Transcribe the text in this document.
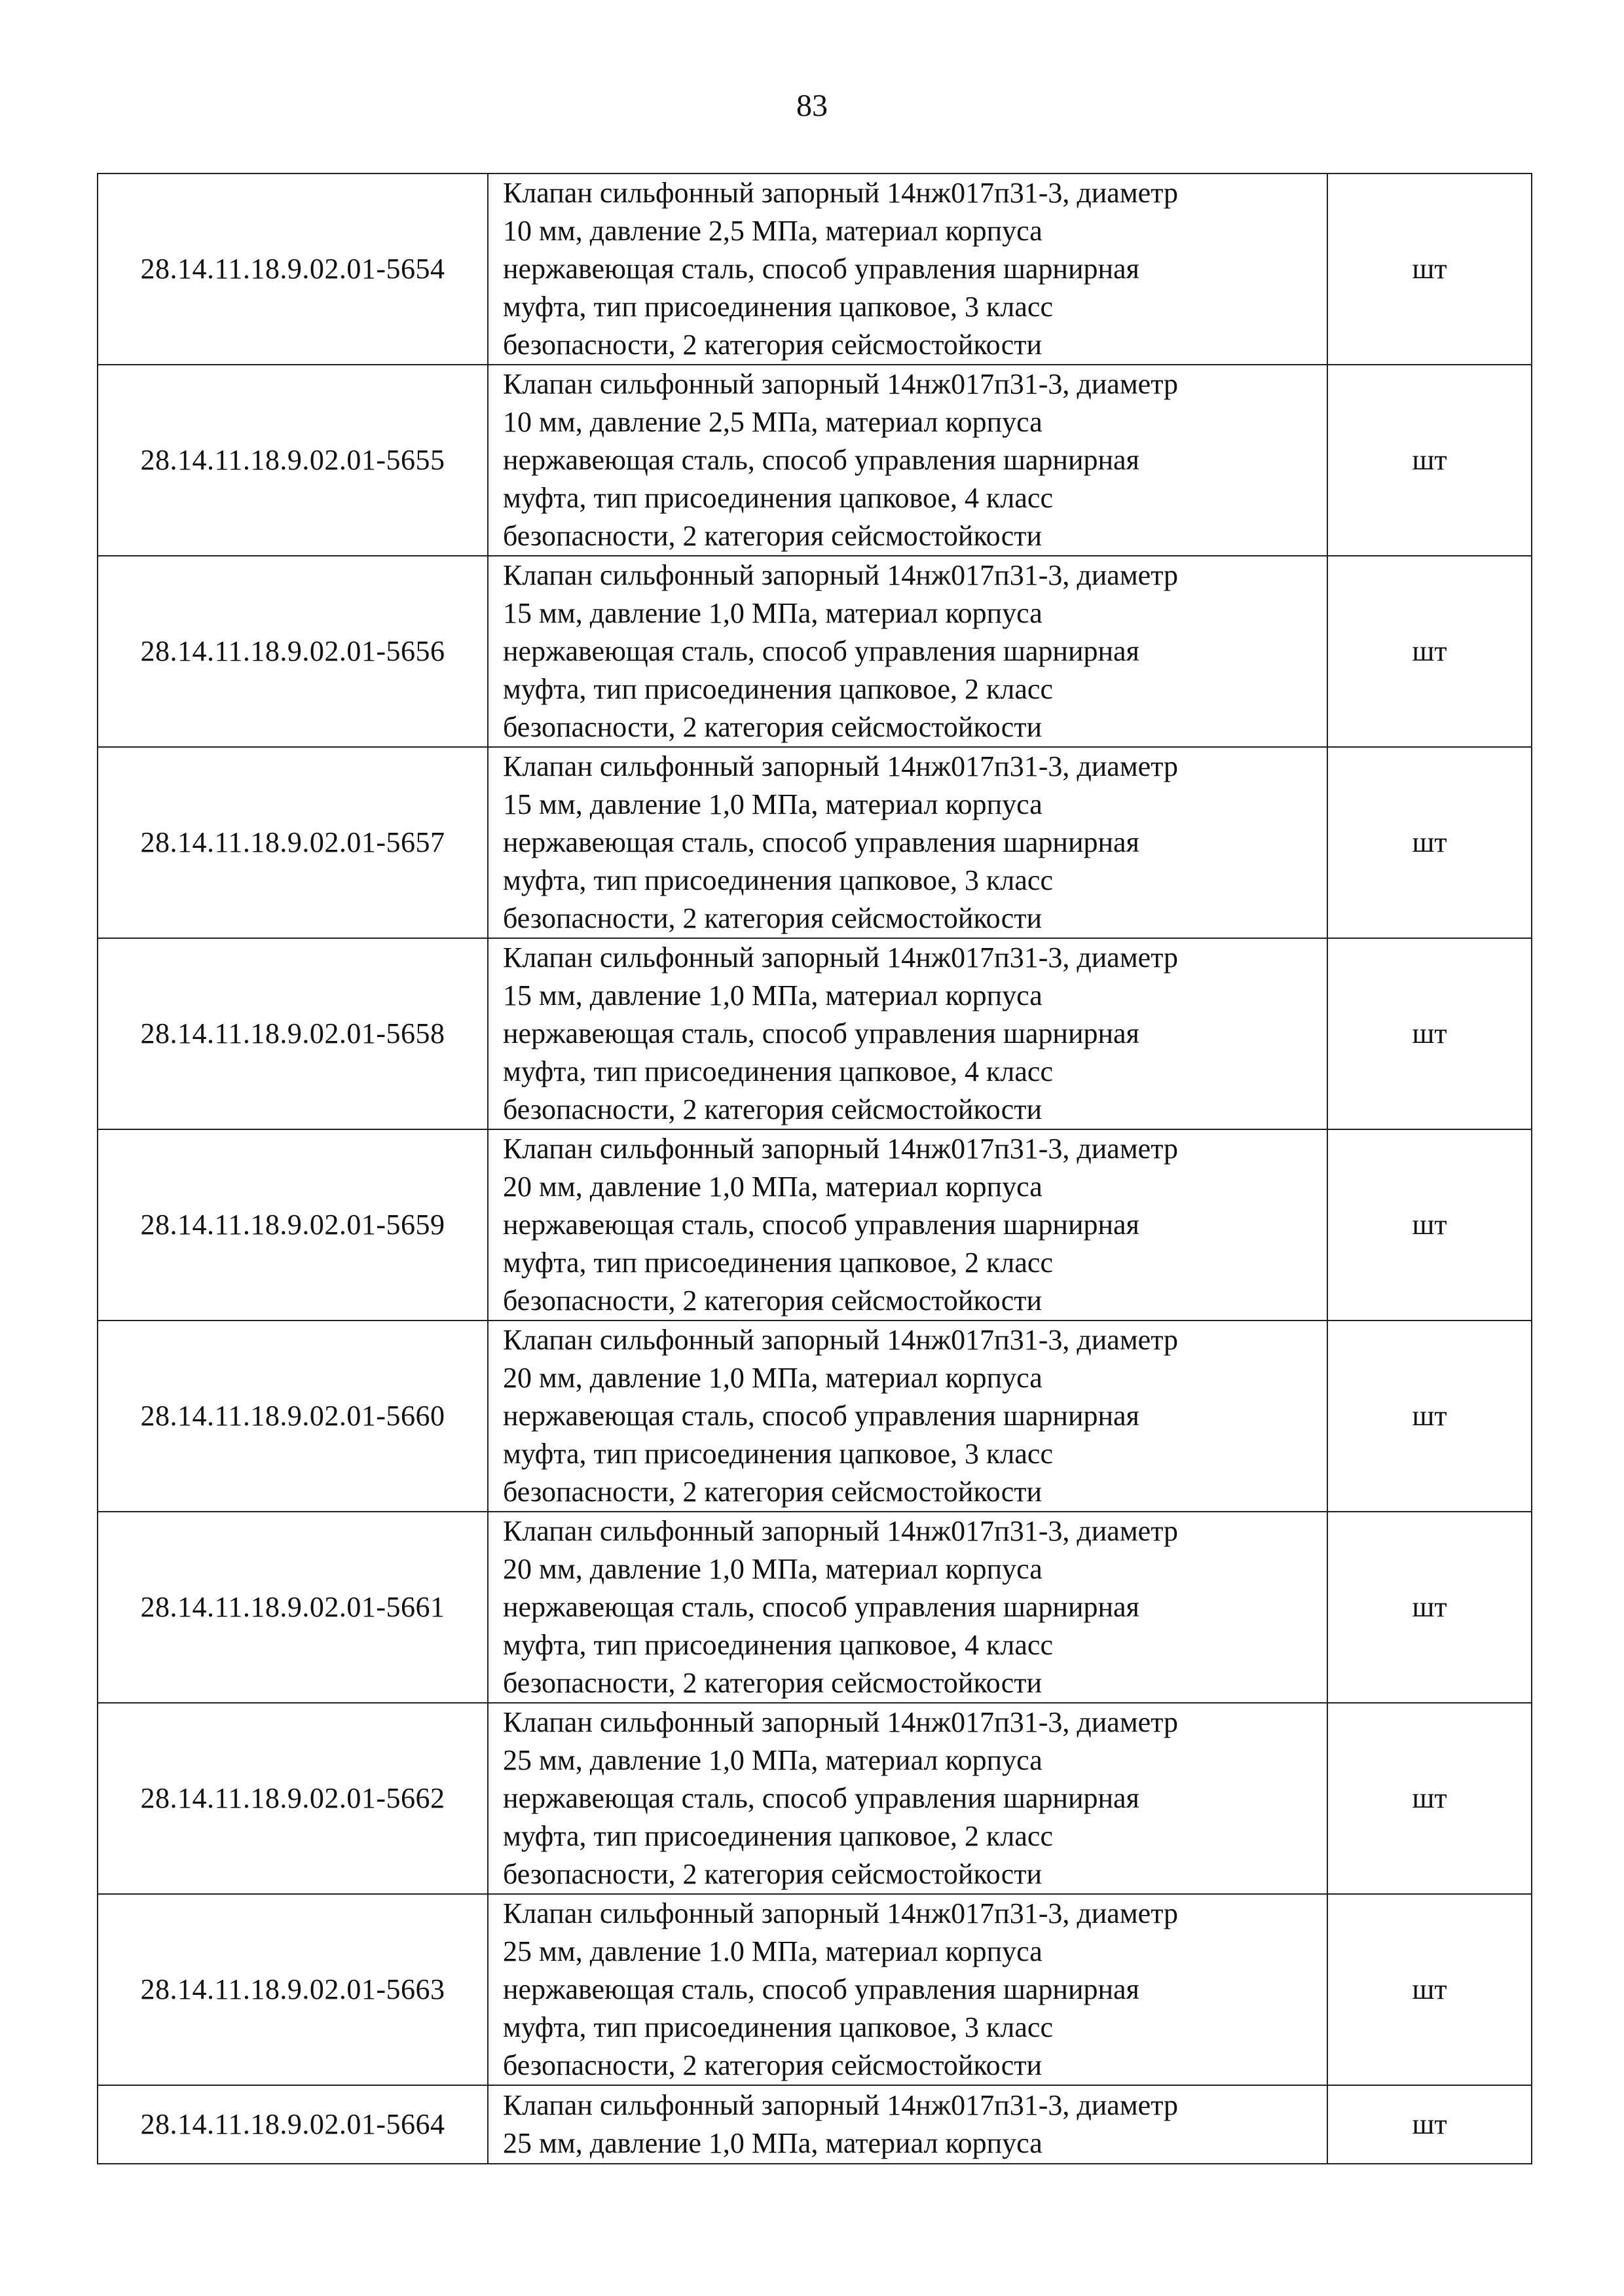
83
28.14.11.18.9.02.01-5654	Клапан сильфонный запорный 14нж017п31-3, диаметр
10 мм, давление 2,5 МПа, материал корпуса
нержавеющая сталь, способ управления шарнирная
муфта, тип присоединения цапковое, 3 класс
безопасности, 2 категория сейсмостойкости	шт
28.14.11.18.9.02.01-5655	Клапан сильфонный запорный 14нж017п31-3, диаметр
10 мм, давление 2,5 МПа, материал корпуса
нержавеющая сталь, способ управления шарнирная
муфта, тип присоединения цапковое, 4 класс
безопасности, 2 категория сейсмостойкости	шт
28.14.11.18.9.02.01-5656	Клапан сильфонный запорный 14нж017п31-3, диаметр
15 мм, давление 1,0 МПа, материал корпуса
нержавеющая сталь, способ управления шарнирная
муфта, тип присоединения цапковое, 2 класс
безопасности, 2 категория сейсмостойкости	шт
28.14.11.18.9.02.01-5657	Клапан сильфонный запорный 14нж017п31-3, диаметр
15 мм, давление 1,0 МПа, материал корпуса
нержавеющая сталь, способ управления шарнирная
муфта, тип присоединения цапковое, 3 класс
безопасности, 2 категория сейсмостойкости	шт
28.14.11.18.9.02.01-5658	Клапан сильфонный запорный 14нж017п31-3, диаметр
15 мм, давление 1,0 МПа, материал корпуса
нержавеющая сталь, способ управления шарнирная
муфта, тип присоединения цапковое, 4 класс
безопасности, 2 категория сейсмостойкости	шт
28.14.11.18.9.02.01-5659	Клапан сильфонный запорный 14нж017п31-3, диаметр
20 мм, давление 1,0 МПа, материал корпуса
нержавеющая сталь, способ управления шарнирная
муфта, тип присоединения цапковое, 2 класс
безопасности, 2 категория сейсмостойкости	шт
28.14.11.18.9.02.01-5660	Клапан сильфонный запорный 14нж017п31-3, диаметр
20 мм, давление 1,0 МПа, материал корпуса
нержавеющая сталь, способ управления шарнирная
муфта, тип присоединения цапковое, 3 класс
безопасности, 2 категория сейсмостойкости	шт
28.14.11.18.9.02.01-5661	Клапан сильфонный запорный 14нж017п31-3, диаметр
20 мм, давление 1,0 МПа, материал корпуса
нержавеющая сталь, способ управления шарнирная
муфта, тип присоединения цапковое, 4 класс
безопасности, 2 категория сейсмостойкости	шт
28.14.11.18.9.02.01-5662	Клапан сильфонный запорный 14нж017п31-3, диаметр
25 мм, давление 1,0 МПа, материал корпуса
нержавеющая сталь, способ управления шарнирная
муфта, тип присоединения цапковое, 2 класс
безопасности, 2 категория сейсмостойкости	шт
28.14.11.18.9.02.01-5663	Клапан сильфонный запорный 14нж017п31-3, диаметр
25 мм, давление 1.0 МПа, материал корпуса
нержавеющая сталь, способ управления шарнирная
муфта, тип присоединения цапковое, 3 класс
безопасности, 2 категория сейсмостойкости	шт
28.14.11.18.9.02.01-5664	Клапан сильфонный запорный 14нж017п31-3, диаметр
25 мм, давление 1,0 МПа, материал корпуса	шт
